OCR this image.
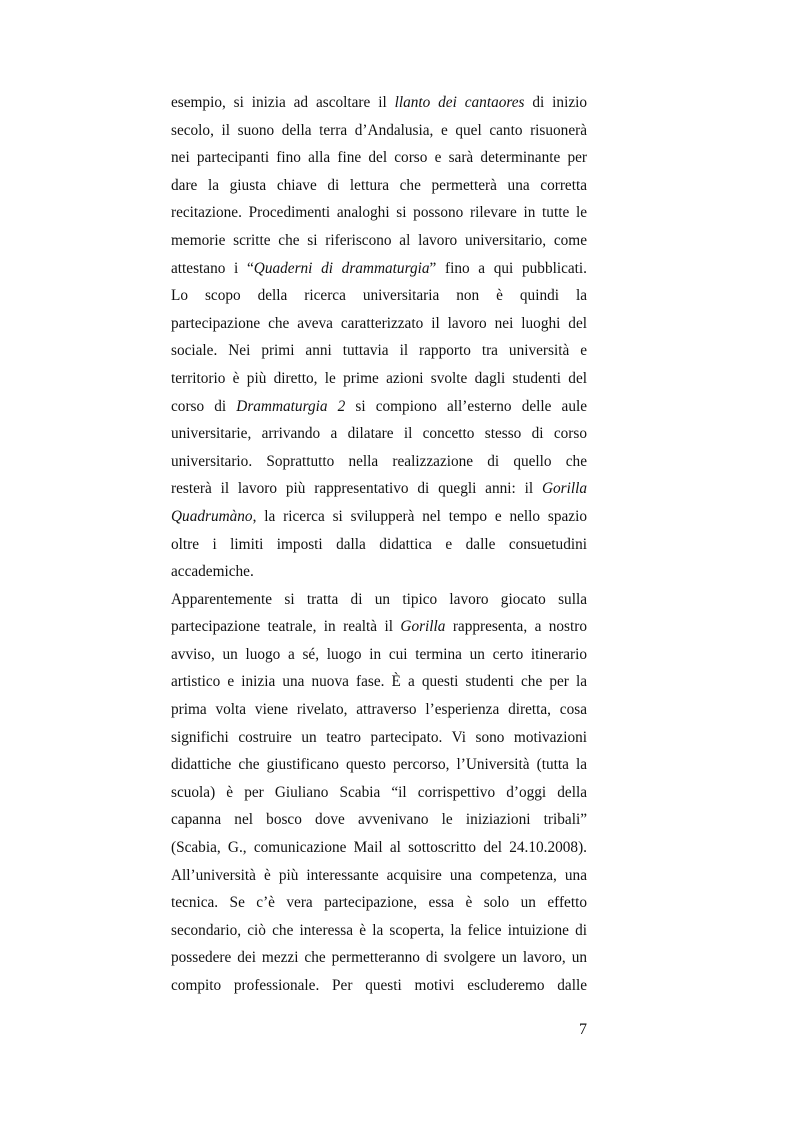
esempio, si inizia ad ascoltare il llanto dei cantaores di inizio
secolo, il suono della terra d’Andalusia, e quel canto risuonerà
nei partecipanti fino alla fine del corso e sarà determinante per
dare la giusta chiave di lettura che permetterà una corretta
recitazione. Procedimenti analoghi si possono rilevare in tutte le
memorie scritte che si riferiscono al lavoro universitario, come
attestano i “Quaderni di drammaturgia” fino a qui pubblicati.
Lo scopo della ricerca universitaria non è quindi la
partecipazione che aveva caratterizzato il lavoro nei luoghi del
sociale. Nei primi anni tuttavia il rapporto tra università e
territorio è più diretto, le prime azioni svolte dagli studenti del
corso di Drammaturgia 2 si compiono all’esterno delle aule
universitarie, arrivando a dilatare il concetto stesso di corso
universitario. Soprattutto nella realizzazione di quello che
resterà il lavoro più rappresentativo di quegli anni: il Gorilla
Quadrumàno, la ricerca si svilupperà nel tempo e nello spazio
oltre i limiti imposti dalla didattica e dalle consuetudini
accademiche.
Apparentemente si tratta di un tipico lavoro giocato sulla
partecipazione teatrale, in realtà il Gorilla rappresenta, a nostro
avviso, un luogo a sé, luogo in cui termina un certo itinerario
artistico e inizia una nuova fase. È a questi studenti che per la
prima volta viene rivelato, attraverso l’esperienza diretta, cosa
significhi costruire un teatro partecipato. Vi sono motivazioni
didattiche che giustificano questo percorso, l’Università (tutta la
scuola) è per Giuliano Scabia “il corrispettivo d’oggi della
capanna nel bosco dove avvenivano le iniziazioni tribali”
(Scabia, G., comunicazione Mail al sottoscritto del 24.10.2008).
All’università è più interessante acquisire una competenza, una
tecnica. Se c’è vera partecipazione, essa è solo un effetto
secondario, ciò che interessa è la scoperta, la felice intuizione di
possedere dei mezzi che permetteranno di svolgere un lavoro, un
compito professionale. Per questi motivi escluderemo dalle
7
